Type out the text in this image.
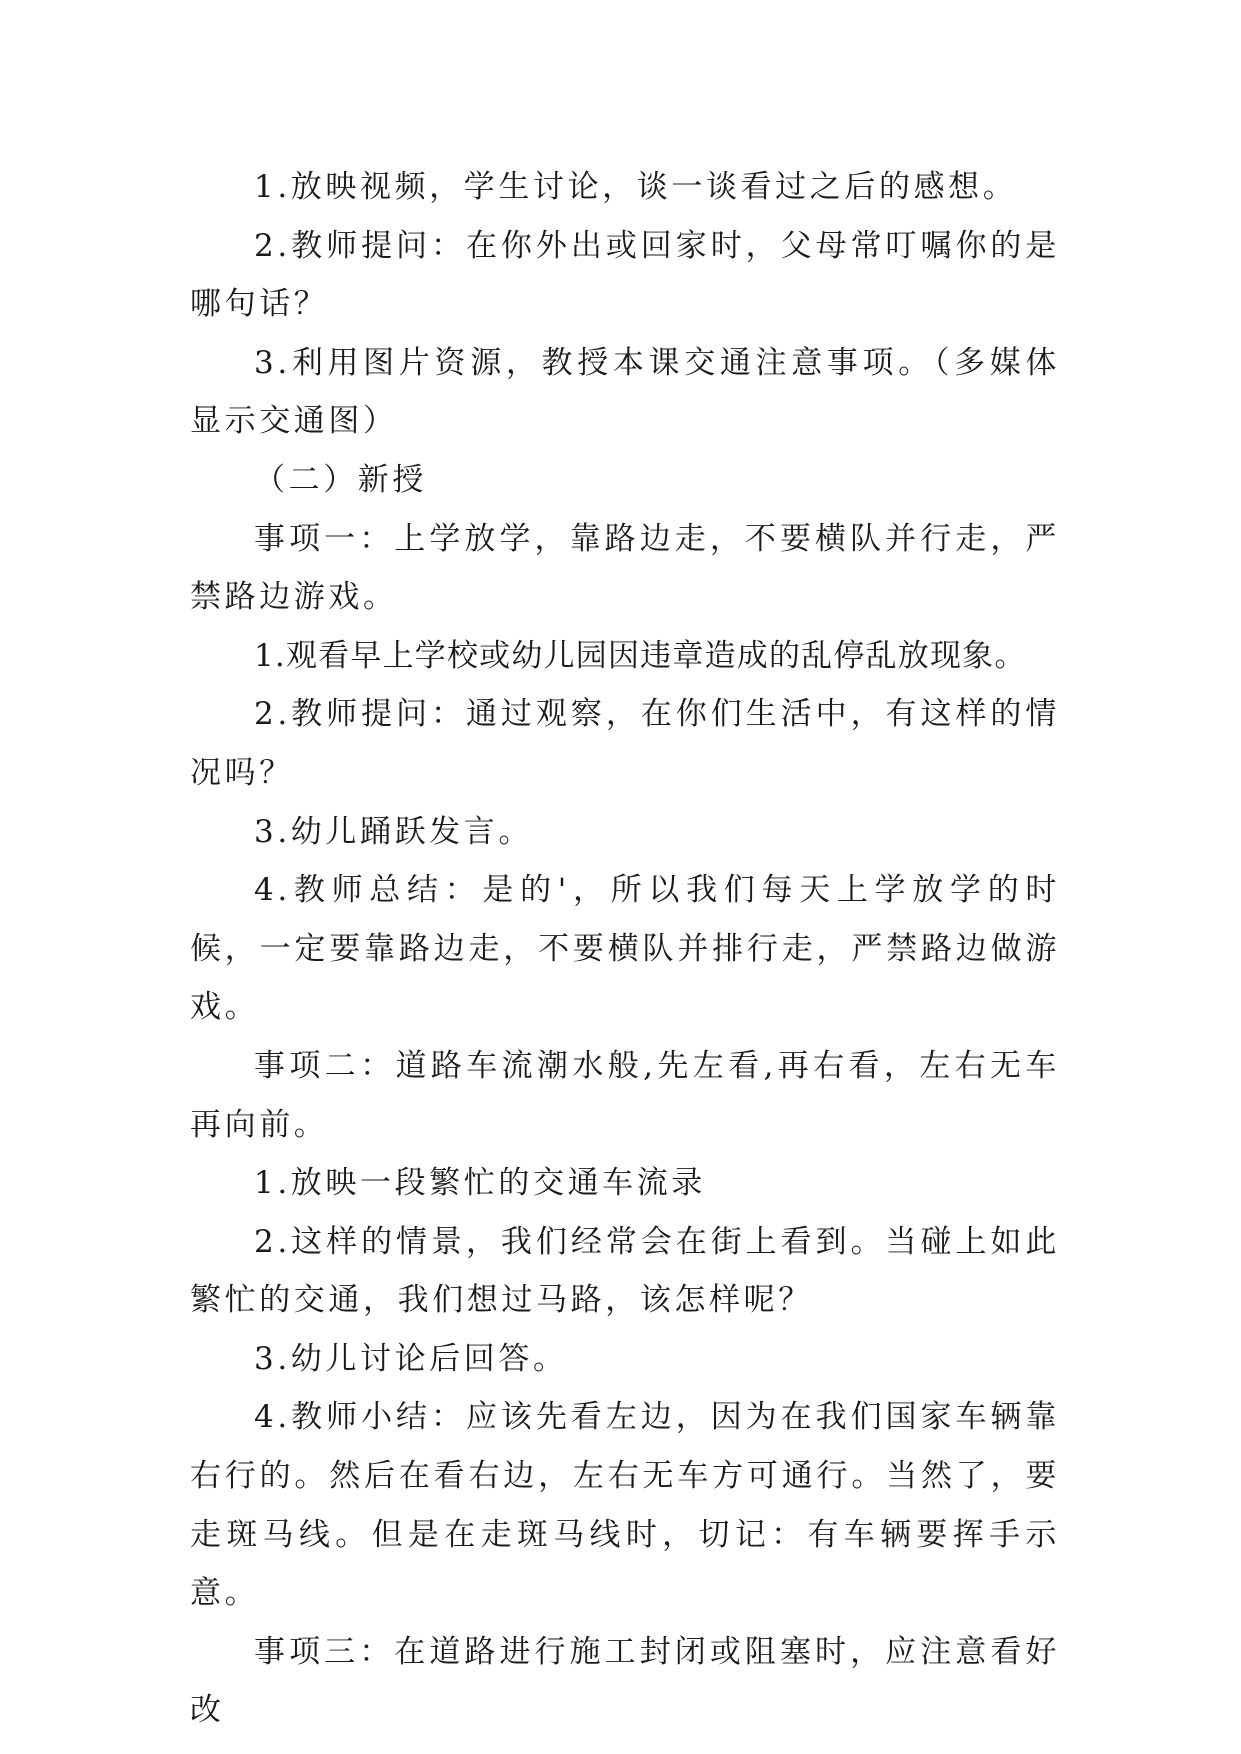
1.放映视频，学生讨论，谈一谈看过之后的感想。

2.教师提问：在你外出或回家时，父母常叮嘱你的是哪句话？

3.利用图片资源，教授本课交通注意事项。（多媒体显示交通图）

（二）新授

事项一：上学放学，靠路边走，不要横队并行走，严禁路边游戏。

1.观看早上学校或幼儿园因违章造成的乱停乱放现象。

2.教师提问：通过观察，在你们生活中，有这样的情况吗？

3.幼儿踊跃发言。

4.教师总结：是的'，所以我们每天上学放学的时候，一定要靠路边走，不要横队并排行走，严禁路边做游戏。

事项二：道路车流潮水般,先左看,再右看，左右无车再向前。

1.放映一段繁忙的交通车流录

2.这样的情景，我们经常会在街上看到。当碰上如此繁忙的交通，我们想过马路，该怎样呢？

3.幼儿讨论后回答。

4.教师小结：应该先看左边，因为在我们国家车辆靠右行的。然后在看右边，左右无车方可通行。当然了，要走斑马线。但是在走斑马线时，切记：有车辆要挥手示意。

事项三：在道路进行施工封闭或阻塞时，应注意看好改
